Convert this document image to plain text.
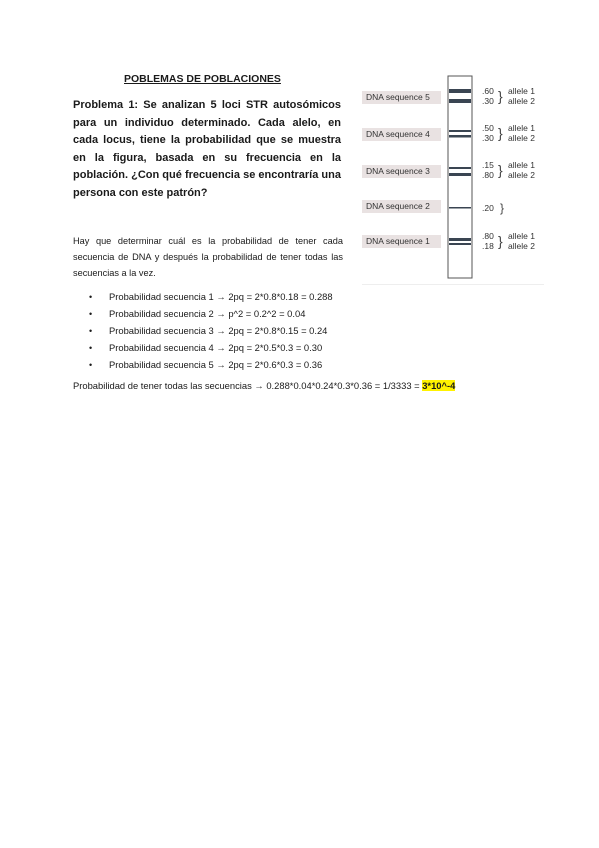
POBLEMAS DE POBLACIONES
Problema 1: Se analizan 5 loci STR autosómicos para un individuo determinado. Cada alelo, en cada locus, tiene la probabilidad que se muestra en la figura, basada en su frecuencia en la población. ¿Con qué frecuencia se encontraría una persona con este patrón?
Hay que determinar cuál es la probabilidad de tener cada secuencia de DNA y después la probabilidad de tener todas las secuencias a la vez.
DNA sequence 5
.60
.30 } allele 1
allele 2
DNA sequence 4
.50
.30 } allele 1
allele 2
DNA sequence 3
.15
.80 } allele 1
allele 2
DNA sequence 2	.20 }
DNA sequence 1	.80
.18 } allele 1
allele 2
• Probabilidad secuencia 1 → 2pq = 2*0.8*0.18 = 0.288
• Probabilidad secuencia 2 → p^2 = 0.2^2 = 0.04
• Probabilidad secuencia 3 → 2pq = 2*0.8*0.15 = 0.24
• Probabilidad secuencia 4 → 2pq = 2*0.5*0.3 = 0.30
• Probabilidad secuencia 5 → 2pq = 2*0.6*0.3 = 0.36
Probabilidad de tener todas las secuencias → 0.288*0.04*0.24*0.3*0.36 = 1/3333 = 3*10^-4
